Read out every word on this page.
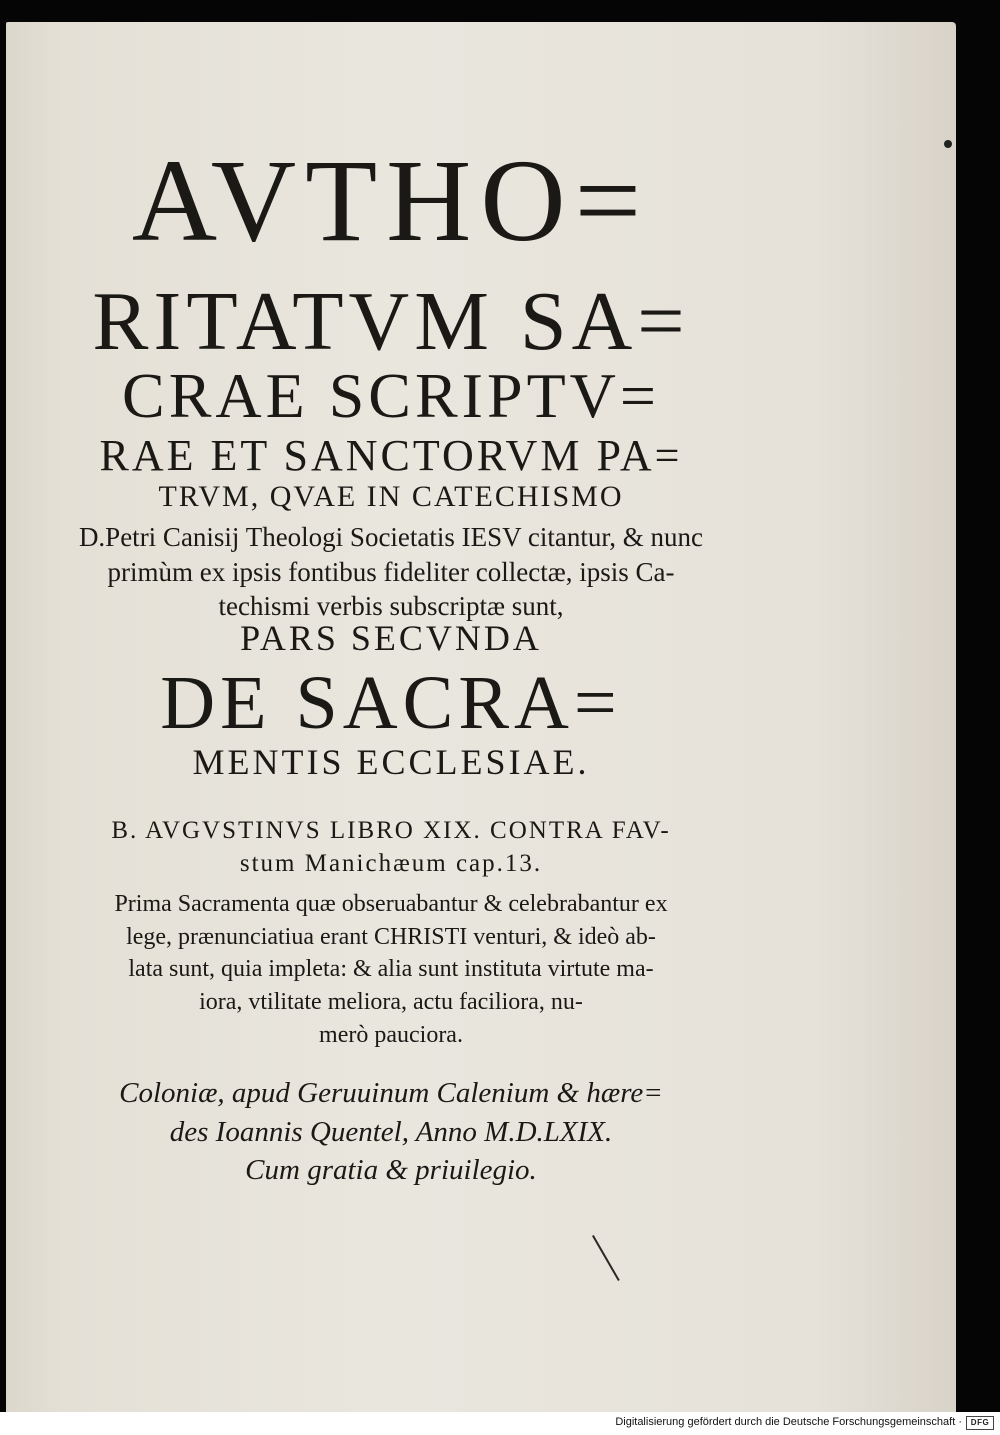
AVTHO=
RITATVM SA=
CRAE SCRIPTV=
RAE ET SANCTORVM PA=
TRVM, QVAE IN CATECHISMO
D.Petri Canisij Theologi Societatis IESV citantur, & nunc
primùm ex ipsis fontibus fideliter collectæ, ipsis Ca-
techismi verbis subscriptæ sunt,
PARS SECVNDA
DE SACRA=
MENTIS ECCLESIAE.
B. AVGVSTINVS LIBRO XIX. CONTRA FAV-
stum Manichæum cap.13.
Prima Sacramenta quæ obseruabantur & celebrabantur ex
lege, prænunciatiua erant CHRISTI venturi, & ideò ab-
lata sunt, quia impleta: & alia sunt instituta virtute ma-
iora, vtilitate meliora, actu faciliora, nu-
merò pauciora.
Coloniæ, apud Geruuinum Calenium & hære=
des Ioannis Quentel, Anno M.D.LXIX.
Cum gratia & priuilegio.
Digitalisierung gefördert durch die Deutsche Forschungsgemeinschaft ·	DFG
